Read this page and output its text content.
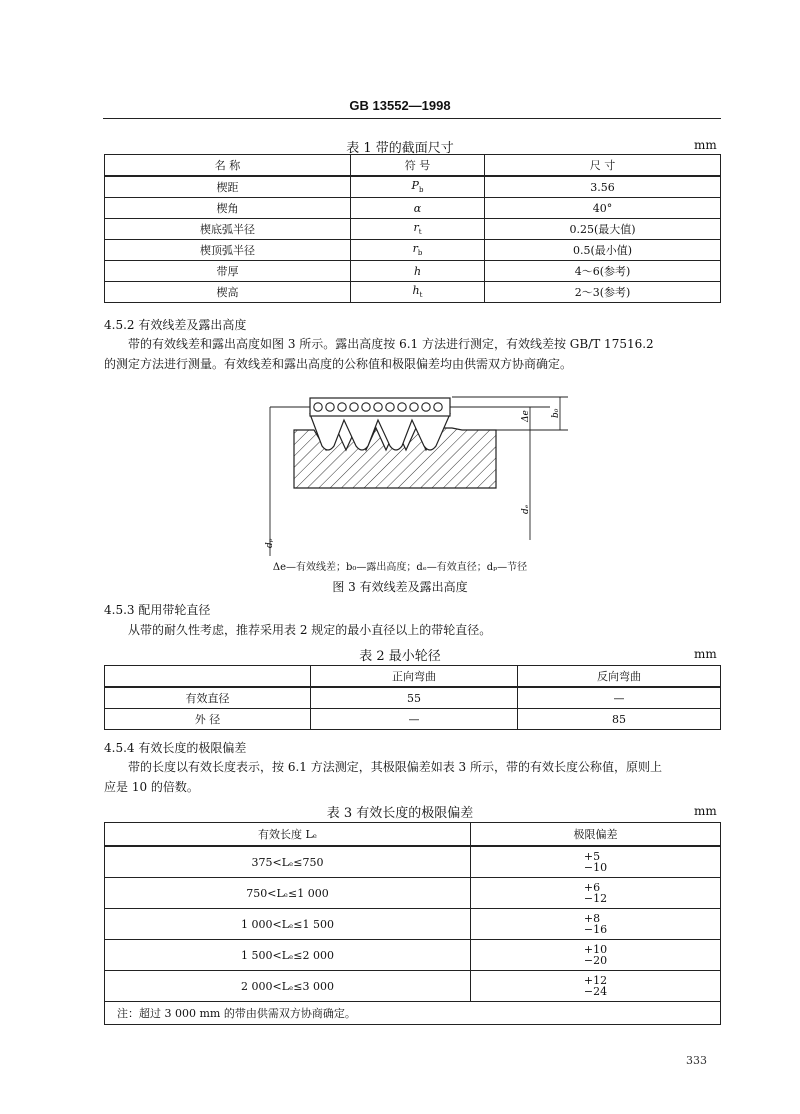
GB 13552—1998
表 1 带的截面尺寸	mm
名 称	符 号	尺 寸
楔距	$P_b$	3.56
楔角	α	40°
楔底弧半径	$r_t$	0.25(最大值)
楔顶弧半径	$r_b$	0.5(最小值)
带厚	h	4～6(参考)
楔高	$h_t$	2～3(参考)
4.5.2 有效线差及露出高度
带的有效线差和露出高度如图 3 所示。露出高度按 6.1 方法进行测定，有效线差按 GB/T 17516.2
的测定方法进行测量。有效线差和露出高度的公称值和极限偏差均由供需双方协商确定。
Δe b₀
dₑ
dₚ
Δe—有效线差；b₀—露出高度；dₑ—有效直径；dₚ—节径
图 3 有效线差及露出高度
4.5.3 配用带轮直径
从带的耐久性考虑，推荐采用表 2 规定的最小直径以上的带轮直径。
表 2 最小轮径	mm
	正向弯曲	反向弯曲
有效直径	55	—
外 径	—	85
4.5.4 有效长度的极限偏差
带的长度以有效长度表示，按 6.1 方法测定，其极限偏差如表 3 所示，带的有效长度公称值，原则上
应是 10 的倍数。
表 3 有效长度的极限偏差	mm
有效长度 Lₑ	极限偏差
375<Lₑ≤750	+5
−10
750<Lₑ≤1 000	+6
−12
1 000<Lₑ≤1 500	+8
−16
1 500<Lₑ≤2 000	+10
−20
2 000<Lₑ≤3 000	+12
−24
注：超过 3 000 mm 的带由供需双方协商确定。	
333
